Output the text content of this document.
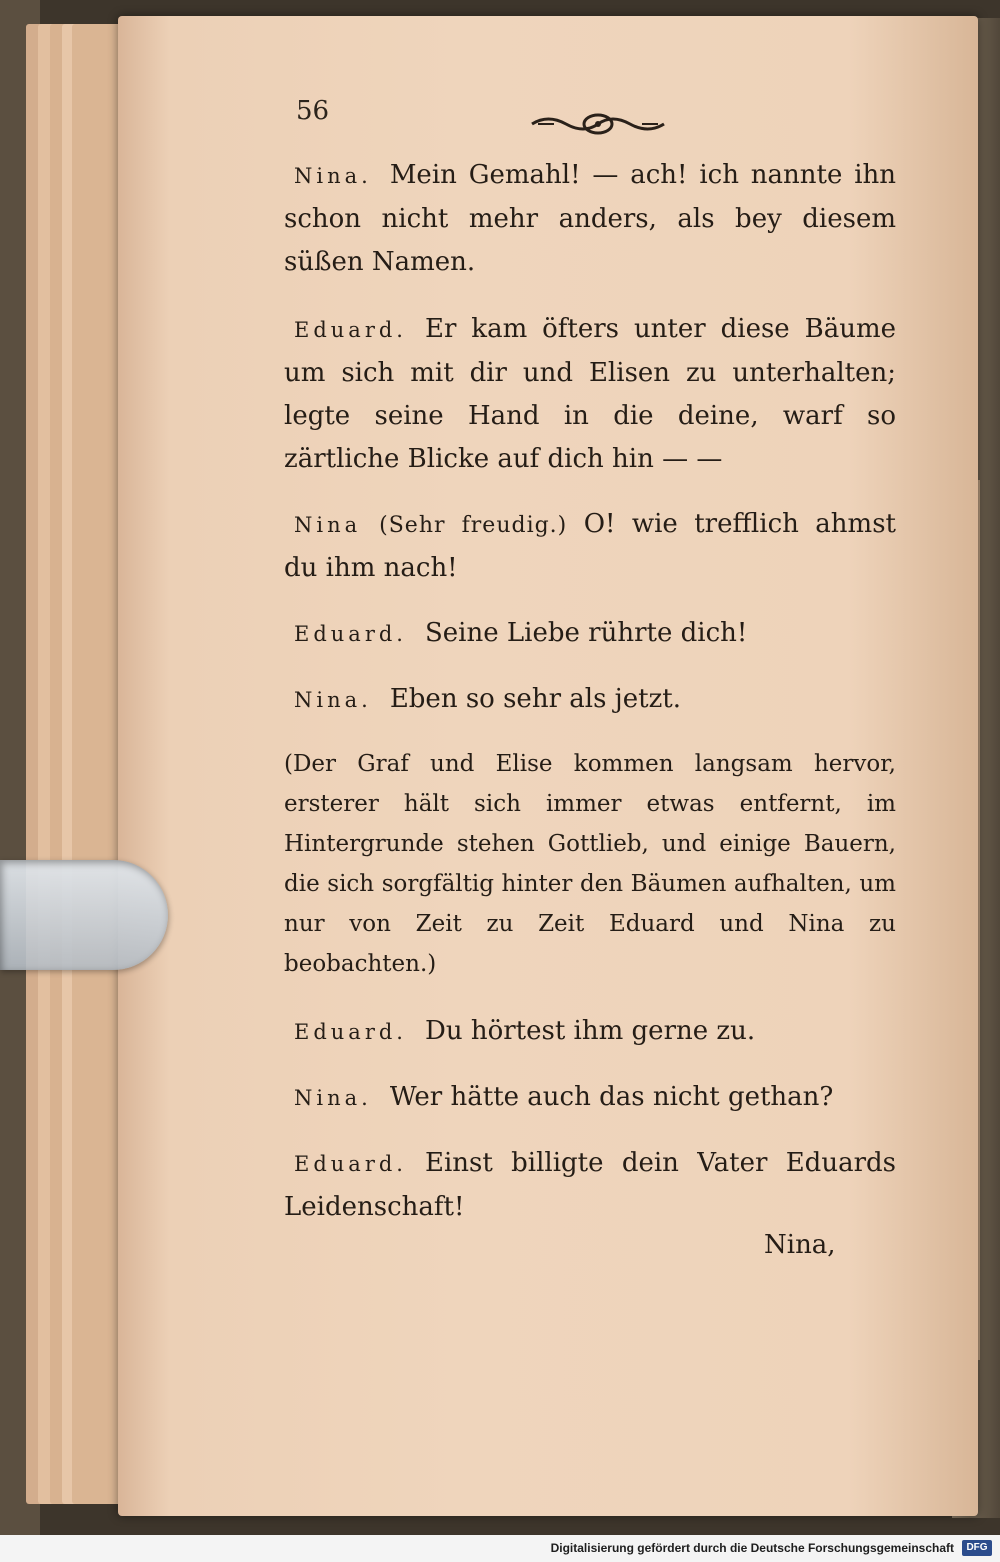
56

Nina. Mein Gemahl! — ach! ich nannte ihn schon nicht mehr anders, als bey diesem süßen Namen.

Eduard. Er kam öfters unter diese Bäume um sich mit dir und Elisen zu unterhalten; legte seine Hand in die deine, warf so zärtliche Blicke auf dich hin — —

Nina (Sehr freudig.) O! wie trefflich ahmst du ihm nach!

Eduard. Seine Liebe rührte dich!

Nina. Eben so sehr als jetzt.

(Der Graf und Elise kommen langsam hervor, ersterer hält sich immer etwas entfernt, im Hintergrunde stehen Gottlieb, und einige Bauern, die sich sorgfältig hinter den Bäumen aufhalten, um nur von Zeit zu Zeit Eduard und Nina zu beobachten.)

Eduard. Du hörtest ihm gerne zu.

Nina. Wer hätte auch das nicht gethan?

Eduard. Einst billigte dein Vater Eduards Leidenschaft!

Nina,
Digitalisierung gefördert durch die Deutsche Forschungsgemeinschaft	DFG
